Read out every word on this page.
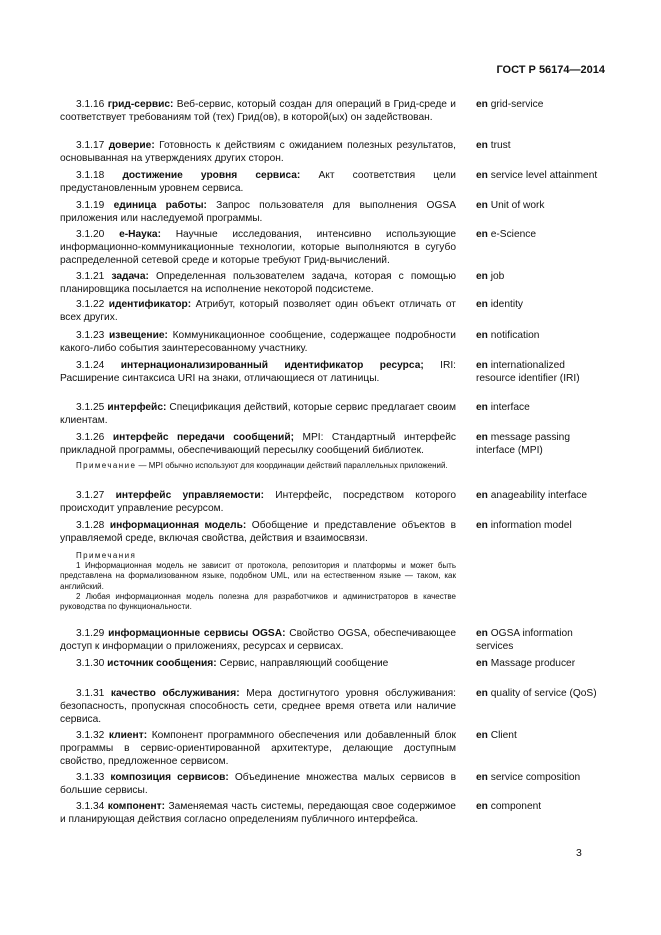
ГОСТ Р 56174—2014
3.1.16 грид-сервис: Веб-сервис, который создан для операций в Грид-среде и соответствует требованиям той (тех) Грид(ов), в которой(ых) он задействован.
en grid-service
3.1.17 доверие: Готовность к действиям с ожиданием полезных результатов, основыванная на утверждениях других сторон.
en trust
3.1.18 достижение уровня сервиса: Акт соответствия цели предустановленным уровнем сервиса.
en service level attainment
3.1.19 единица работы: Запрос пользователя для выполнения OGSA приложения или наследуемой программы.
en Unit of work
3.1.20 е-Наука: Научные исследования, интенсивно использующие информационно-коммуникационные технологии, которые выполняются в сугубо распределенной сетевой среде и которые требуют Грид-вычислений.
en e-Science
3.1.21 задача: Определенная пользователем задача, которая с помощью планировщика посылается на исполнение некоторой подсистеме.
en job
3.1.22 идентификатор: Атрибут, который позволяет один объект отличать от всех других.
en identity
3.1.23 извещение: Коммуникационное сообщение, содержащее подробности какого-либо события заинтересованному участнику.
en notification
3.1.24 интернационализированный идентификатор ресурса; IRI: Расширение синтаксиса URI на знаки, отличающиеся от латиницы.
en internationalized resource identifier (IRI)
3.1.25 интерфейс: Спецификация действий, которые сервис предлагает своим клиентам.
en interface
3.1.26 интерфейс передачи сообщений; MPI: Стандартный интерфейс прикладной программы, обеспечивающий пересылку сообщений библиотек.
en message passing interface (MPI)
3.1.27 интерфейс управляемости: Интерфейс, посредством которого происходит управление ресурсом.
en anageability interface
3.1.28 информационная модель: Обобщение и представление объектов в управляемой среде, включая свойства, действия и взаимосвязи.
en information model
3.1.29 информационные сервисы OGSA: Свойство OGSA, обеспечивающее доступ к информации о приложениях, ресурсах и сервисах.
en OGSA information services
3.1.30 источник сообщения: Сервис, направляющий сообщение	en Massage producer
3.1.31 качество обслуживания: Мера достигнутого уровня обслуживания: безопасность, пропускная способность сети, среднее время ответа или наличие сервиса.
en quality of service (QoS)
3.1.32 клиент: Компонент программного обеспечения или добавленный блок программы в сервис-ориентированной архитектуре, делающие доступным свойство, предложенное сервисом.
en Client
3.1.33 композиция сервисов: Объединение множества малых сервисов в большие сервисы.
en service composition
3.1.34 компонент: Заменяемая часть системы, передающая свое содержимое и планирующая действия согласно определениям публичного интерфейса.
en component
Примечание — MPI обычно используют для координации действий параллельных приложений.
Примечания

1 Информационная модель не зависит от протокола, репозитория и платформы и может быть представлена на формализованном языке, подобном UML, или на естественном языке — таком, как английский.

2 Любая информационная модель полезна для разработчиков и администраторов в качестве руководства по функциональности.

3
